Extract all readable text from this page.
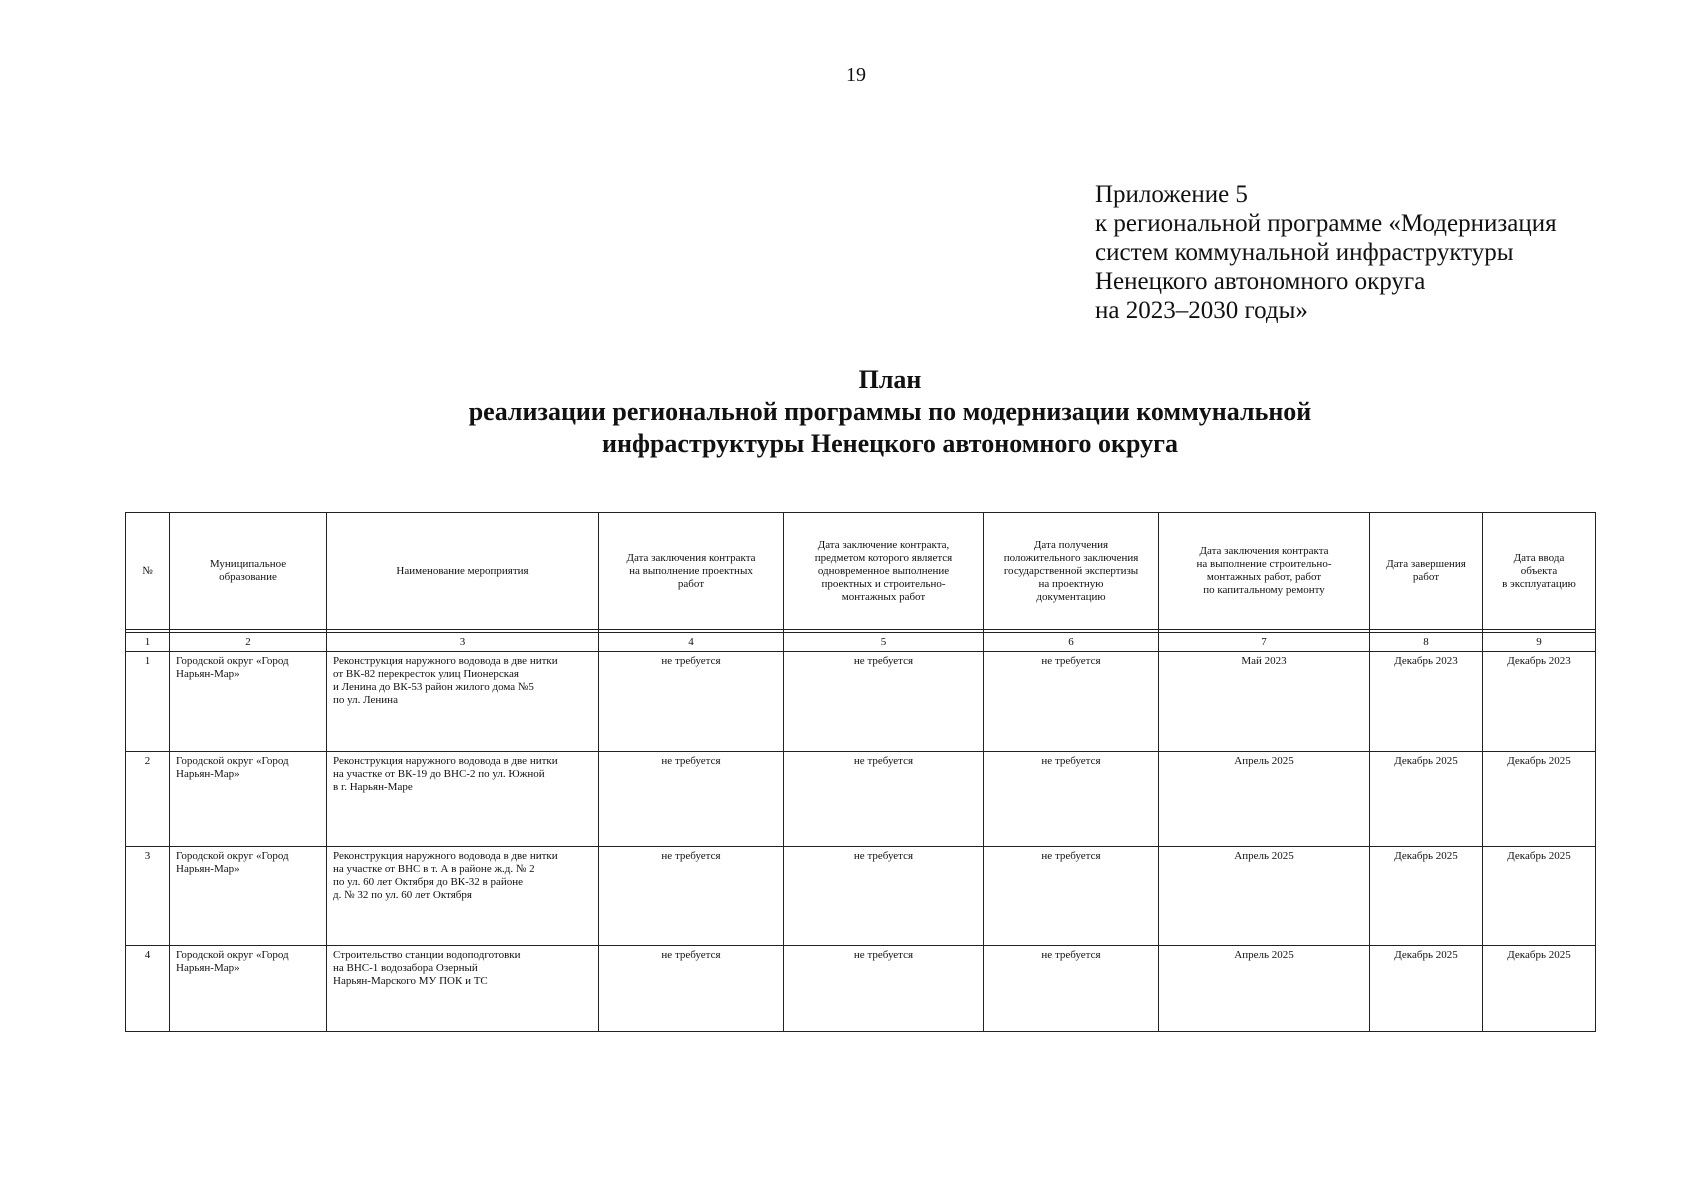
19
Приложение 5
к региональной программе «Модернизация
систем коммунальной инфраструктуры
Ненецкого автономного округа
на 2023–2030 годы»
План
реализации региональной программы по модернизации коммунальной
инфраструктуры Ненецкого автономного округа
№	Муниципальное
образование	Наименование мероприятия	Дата заключения контракта
на выполнение проектных
работ	Дата заключение контракта,
предметом которого является
одновременное выполнение
проектных и строительно-
монтажных работ	Дата получения
положительного заключения
государственной экспертизы
на проектную
документацию	Дата заключения контракта
на выполнение строительно-
монтажных работ, работ
по капитальному ремонту	Дата завершения
работ	Дата ввода
объекта
в эксплуатацию

1	2	3	4	5	6	7	8	9
1	Городской округ «Город
Нарьян-Мар»	Реконструкция наружного водовода в две нитки
от ВК-82 перекресток улиц Пионерская
и Ленина до ВК-53 район жилого дома №5
по ул. Ленина	не требуется	не требуется	не требуется	Май 2023	Декабрь 2023	Декабрь 2023
2	Городской округ «Город
Нарьян-Мар»	Реконструкция наружного водовода в две нитки
на участке от ВК-19 до ВНС-2 по ул. Южной
в г. Нарьян-Маре	не требуется	не требуется	не требуется	Апрель 2025	Декабрь 2025	Декабрь 2025
3	Городской округ «Город
Нарьян-Мар»	Реконструкция наружного водовода в две нитки
на участке от ВНС в т. А в районе ж.д. № 2
по ул. 60 лет Октября до ВК-32 в районе
д. № 32 по ул. 60 лет Октября	не требуется	не требуется	не требуется	Апрель 2025	Декабрь 2025	Декабрь 2025
4	Городской округ «Город
Нарьян-Мар»	Строительство станции водоподготовки
на ВНС-1 водозабора Озерный
Нарьян-Марского МУ ПОК и ТС	не требуется	не требуется	не требуется	Апрель 2025	Декабрь 2025	Декабрь 2025
